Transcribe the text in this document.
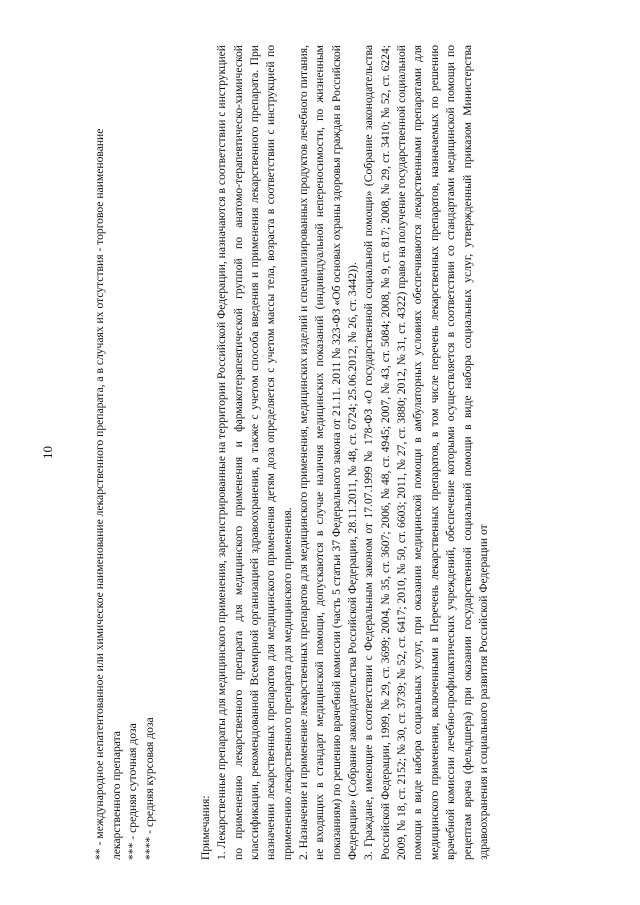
10

**- международное непатентованное или химическое наименование лекарственного препарата, а в случаях их отсутствия - торговое наименование лекарственного препарата ***- средняя суточная доза

****- средняя курсовая доза	Примечания: 1. Лекарственные препараты для медицинского применения, зарегистрированные на территории Российской Федерации, назначаются в соответствии с инструкцией по применению лекарственного препарата для медицинского применения и фармакотерапевтической группой по анатомо-терапевтическо-химической классификации, рекомендованной Всемирной организацией здравоохранения, а также с учетом способа введения и применения лекарственного препарата. При назначении лекарственных препаратов для медицинского применения детям доза определяется с учетом массы тела, возраста в соответствии с инструкцией по применению лекарственного препарата для медицинского применения. 2. Назначение и применение лекарственных препаратов для медицинского применения, медицинских изделий и специализированных продуктов лечебного питания, не входящих в стандарт медицинской помощи, допускаются в случае наличия медицинских показаний (индивидуальной непереносимости, по жизненным показаниям) по решению врачебной комиссии (часть 5 статьи 37 Федерального закона от 21.11. 2011 № 323-ФЗ «Об основах охраны здоровья граждан в Российской Федерации» (Собрание законодательства Российской Федерации, 28.11.2011, № 48, ст. 6724; 25.06.2012, № 26, ст. 3442)). 3. Граждане, имеющие в соответствии с Федеральным законом от 17.07.1999 № 178-ФЗ «О государственной социальной помощи» (Собрание законодательства Российской Федерации, 1999, № 29, ст. 3699; 2004, № 35, ст. 3607; 2006, № 48, ст. 4945; 2007, № 43, ст. 5084; 2008, № 9, ст. 817; 2008, № 29, ст. 3410; № 52, ст. 6224; 2009, № 18, ст. 2152; № 30, ст. 3739; № 52, ст. 6417; 2010, № 50, ст. 6603; 2011, № 27, ст. 3880; 2012, № 31, ст. 4322) право на получение государственной социальной помощи в виде набора социальных услуг, при оказании медицинской помощи в амбулаторных условиях обеспечиваются лекарственными препаратами для медицинского применения, включенными в Перечень лекарственных препаратов, в том числе перечень лекарственных препаратов, назначаемых по решению врачебной комиссии лечебно-профилактических учреждений, обеспечение которыми осуществляется в соответствии со стандартами медицинской помощи по рецептам врача (фельдшера) при оказании государственной социальной помощи в виде набора социальных услуг, утвержденный приказом Министерства здравоохранения и социального развития Российской Федерации от
